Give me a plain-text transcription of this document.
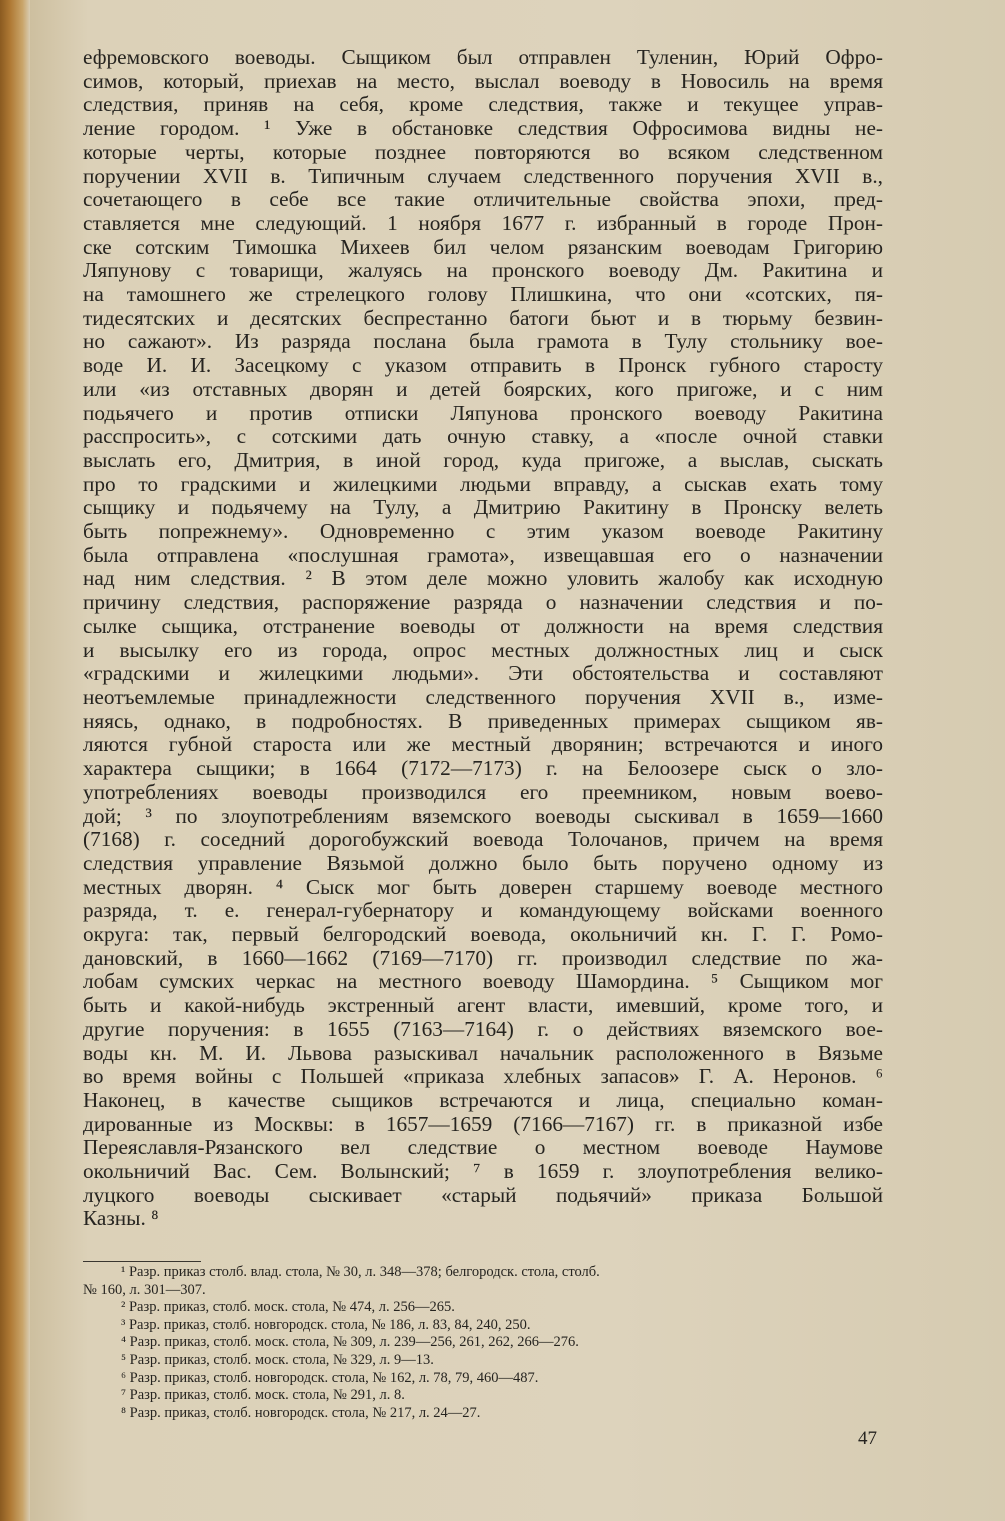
ефремовского воеводы. Сыщиком был отправлен Туленин, Юрий Офро-
симов, который, приехав на место, выслал воеводу в Новосиль на время
следствия, приняв на себя, кроме следствия, также и текущее управ-
ление городом. ¹ Уже в обстановке следствия Офросимова видны не-
которые черты, которые позднее повторяются во всяком следственном
поручении XVII в. Типичным случаем следственного поручения XVII в.,
сочетающего в себе все такие отличительные свойства эпохи, пред-
ставляется мне следующий. 1 ноября 1677 г. избранный в городе Прон-
ске сотским Тимошка Михеев бил челом рязанским воеводам Григорию
Ляпунову с товарищи, жалуясь на пронского воеводу Дм. Ракитина и
на тамошнего же стрелецкого голову Плишкина, что они «сотских, пя-
тидесятских и десятских беспрестанно батоги бьют и в тюрьму безвин-
но сажают». Из разряда послана была грамота в Тулу стольнику вое-
воде И. И. Засецкому с указом отправить в Пронск губного старосту
или «из отставных дворян и детей боярских, кого пригоже, и с ним
подьячего и против отписки Ляпунова пронского воеводу Ракитина
расспросить», с сотскими дать очную ставку, а «после очной ставки
выслать его, Дмитрия, в иной город, куда пригоже, а выслав, сыскать
про то градскими и жилецкими людьми вправду, а сыскав ехать тому
сыщику и подьячему на Тулу, а Дмитрию Ракитину в Пронску велеть
быть попрежнему». Одновременно с этим указом воеводе Ракитину
была отправлена «послушная грамота», извещавшая его о назначении
над ним следствия. ² В этом деле можно уловить жалобу как исходную
причину следствия, распоряжение разряда о назначении следствия и по-
сылке сыщика, отстранение воеводы от должности на время следствия
и высылку его из города, опрос местных должностных лиц и сыск
«градскими и жилецкими людьми». Эти обстоятельства и составляют
неотъемлемые принадлежности следственного поручения XVII в., изме-
няясь, однако, в подробностях. В приведенных примерах сыщиком яв-
ляются губной староста или же местный дворянин; встречаются и иного
характера сыщики; в 1664 (7172—7173) г. на Белоозере сыск о зло-
употреблениях воеводы производился его преемником, новым воево-
дой; ³ по злоупотреблениям вяземского воеводы сыскивал в 1659—1660
(7168) г. соседний дорогобужский воевода Толочанов, причем на время
следствия управление Вязьмой должно было быть поручено одному из
местных дворян. ⁴ Сыск мог быть доверен старшему воеводе местного
разряда, т. е. генерал-губернатору и командующему войсками военного
округа: так, первый белгородский воевода, окольничий кн. Г. Г. Ромо-
дановский, в 1660—1662 (7169—7170) гг. производил следствие по жа-
лобам сумских черкас на местного воеводу Шамордина. ⁵ Сыщиком мог
быть и какой-нибудь экстренный агент власти, имевший, кроме того, и
другие поручения: в 1655 (7163—7164) г. о действиях вяземского вое-
воды кн. М. И. Львова разыскивал начальник расположенного в Вязьме
во время войны с Польшей «приказа хлебных запасов» Г. А. Неронов. ⁶
Наконец, в качестве сыщиков встречаются и лица, специально коман-
дированные из Москвы: в 1657—1659 (7166—7167) гг. в приказной избе
Переяславля-Рязанского вел следствие о местном воеводе Наумове
окольничий Вас. Сем. Волынский; ⁷ в 1659 г. злоупотребления велико-
луцкого воеводы сыскивает «старый подьячий» приказа Большой
Казны. ⁸
¹ Разр. приказ столб. влад. стола, № 30, л. 348—378; белгородск. стола, столб.
№ 160, л. 301—307.
² Разр. приказ, столб. моск. стола, № 474, л. 256—265.
³ Разр. приказ, столб. новгородск. стола, № 186, л. 83, 84, 240, 250.
⁴ Разр. приказ, столб. моск. стола, № 309, л. 239—256, 261, 262, 266—276.
⁵ Разр. приказ, столб. моск. стола, № 329, л. 9—13.
⁶ Разр. приказ, столб. новгородск. стола, № 162, л. 78, 79, 460—487.
⁷ Разр. приказ, столб. моск. стола, № 291, л. 8.
⁸ Разр. приказ, столб. новгородск. стола, № 217, л. 24—27.
47
